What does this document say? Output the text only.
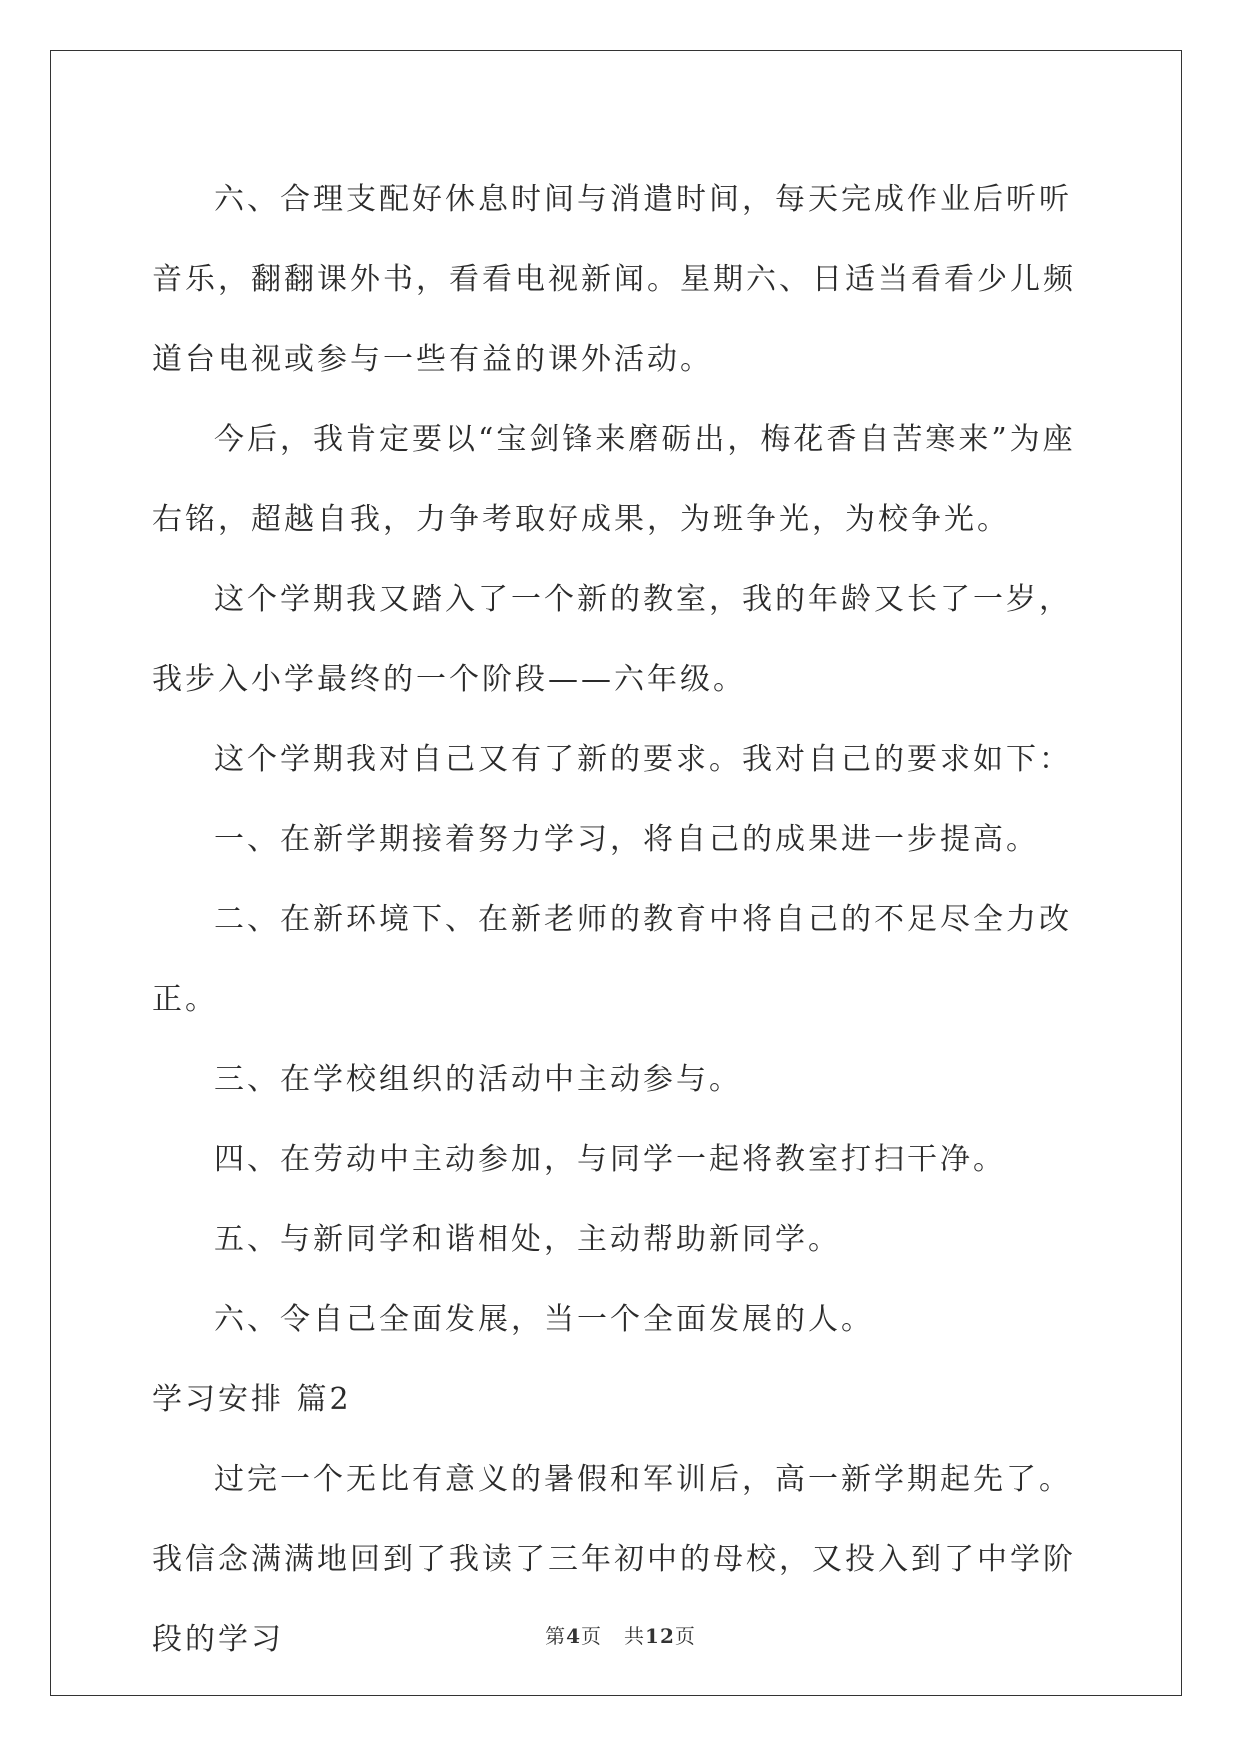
六、合理支配好休息时间与消遣时间，每天完成作业后听听音乐，翻翻课外书，看看电视新闻。星期六、日适当看看少儿频道台电视或参与一些有益的课外活动。

今后，我肯定要以“宝剑锋来磨砺出，梅花香自苦寒来”为座右铭，超越自我，力争考取好成果，为班争光，为校争光。

这个学期我又踏入了一个新的教室，我的年龄又长了一岁，我步入小学最终的一个阶段——六年级。

这个学期我对自己又有了新的要求。我对自己的要求如下：

一、在新学期接着努力学习，将自己的成果进一步提高。

二、在新环境下、在新老师的教育中将自己的不足尽全力改正。

三、在学校组织的活动中主动参与。

四、在劳动中主动参加，与同学一起将教室打扫干净。

五、与新同学和谐相处，主动帮助新同学。

六、令自己全面发展，当一个全面发展的人。

学习安排 篇2

过完一个无比有意义的暑假和军训后，高一新学期起先了。我信念满满地回到了我读了三年初中的母校，又投入到了中学阶段的学习	第4页 共12页
